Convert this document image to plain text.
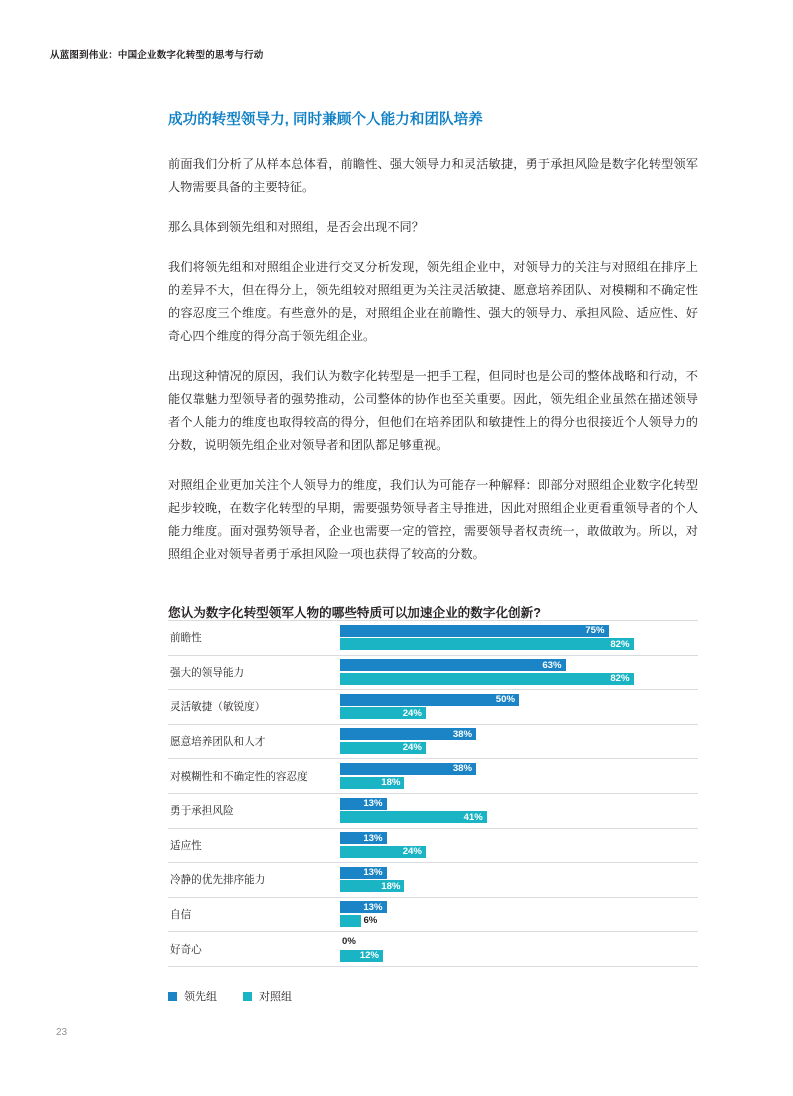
从蓝图到伟业：中国企业数字化转型的思考与行动
成功的转型领导力, 同时兼顾个人能力和团队培养

前面我们分析了从样本总体看，前瞻性、强大领导力和灵活敏捷，勇于承担风险是数字化转型领军人物需要具备的主要特征。

那么具体到领先组和对照组，是否会出现不同？

我们将领先组和对照组企业进行交叉分析发现，领先组企业中，对领导力的关注与对照组在排序上的差异不大，但在得分上，领先组较对照组更为关注灵活敏捷、愿意培养团队、对模糊和不确定性的容忍度三个维度。有些意外的是，对照组企业在前瞻性、强大的领导力、承担风险、适应性、好奇心四个维度的得分高于领先组企业。

出现这种情况的原因，我们认为数字化转型是一把手工程，但同时也是公司的整体战略和行动，不能仅靠魅力型领导者的强势推动，公司整体的协作也至关重要。因此，领先组企业虽然在描述领导者个人能力的维度也取得较高的得分，但他们在培养团队和敏捷性上的得分也很接近个人领导力的分数，说明领先组企业对领导者和团队都足够重视。

对照组企业更加关注个人领导力的维度，我们认为可能存一种解释：即部分对照组企业数字化转型起步较晚，在数字化转型的早期，需要强势领导者主导推进，因此对照组企业更看重领导者的个人能力维度。面对强势领导者，企业也需要一定的管控，需要领导者权责统一，敢做敢为。所以，对照组企业对领导者勇于承担风险一项也获得了较高的分数。

您认为数字化转型领军人物的哪些特质可以加速企业的数字化创新?
前瞻性
75%
82%
强大的领导能力
63%
82%
灵活敏捷（敏锐度）
50%
24%
愿意培养团队和人才
38%
24%
对模糊性和不确定性的容忍度
38%
18%
勇于承担风险
13%
41%
适应性
13%
24%
冷静的优先排序能力
13%
18%
自信
13%
6%
好奇心
0%
12%
领先组	对照组
23
